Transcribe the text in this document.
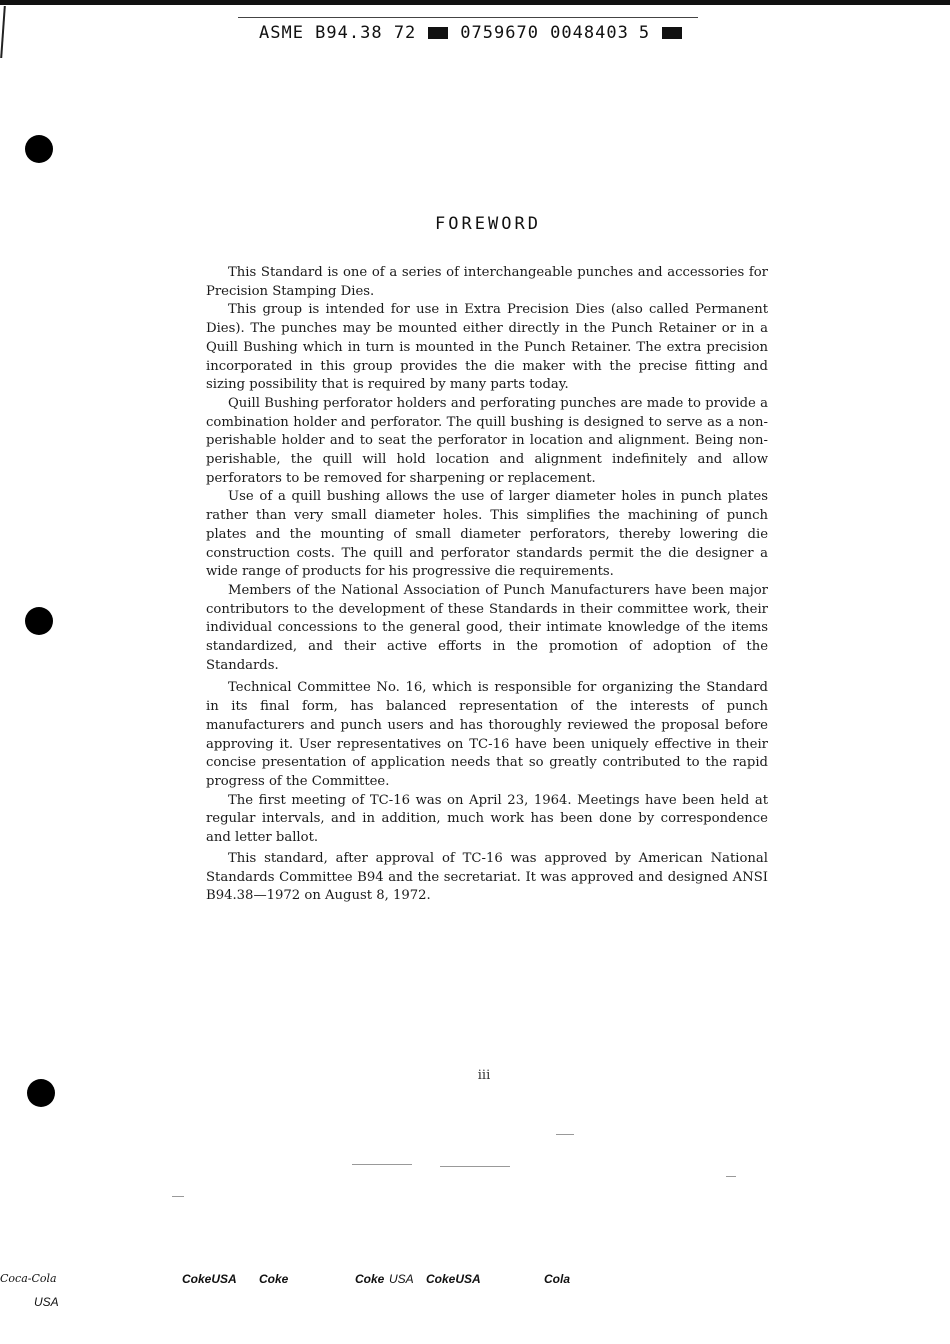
ASME B94.38 72	0759670 0048403 5
FOREWORD

This Standard is one of a series of interchangeable punches and accessories for Precision Stamping Dies.

This group is intended for use in Extra Precision Dies (also called Permanent Dies). The punches may be mounted either directly in the Punch Retainer or in a Quill Bushing which in turn is mounted in the Punch Retainer. The extra precision incorporated in this group provides the die maker with the precise fitting and sizing possibility that is required by many parts today.

Quill Bushing perforator holders and perforating punches are made to provide a combination holder and perforator. The quill bushing is designed to serve as a non-perishable holder and to seat the perforator in location and alignment. Being non-perishable, the quill will hold location and alignment indefinitely and allow perforators to be removed for sharpening or replacement.

Use of a quill bushing allows the use of larger diameter holes in punch plates rather than very small diameter holes. This simplifies the machining of punch plates and the mounting of small diameter perforators, thereby lowering die construction costs. The quill and perforator standards permit the die designer a wide range of products for his progressive die requirements.

Members of the National Association of Punch Manufacturers have been major contributors to the development of these Standards in their committee work, their individual concessions to the general good, their intimate knowledge of the items standardized, and their active efforts in the promotion of adoption of the Standards.

Technical Committee No. 16, which is responsible for organizing the Standard in its final form, has balanced representation of the interests of punch manufacturers and punch users and has thoroughly reviewed the proposal before approving it. User representatives on TC-16 have been uniquely effective in their concise presentation of application needs that so greatly contributed to the rapid progress of the Committee.

The first meeting of TC-16 was on April 23, 1964. Meetings have been held at regular intervals, and in addition, much work has been done by correspondence and letter ballot.

This standard, after approval of TC-16 was approved by American National Standards Committee B94 and the secretariat. It was approved and designed ANSI B94.38—1972 on August 8, 1972.

iii
Coca-Cola	CokeUSA Coke	Coke USA CokeUSA	Cola
USA
